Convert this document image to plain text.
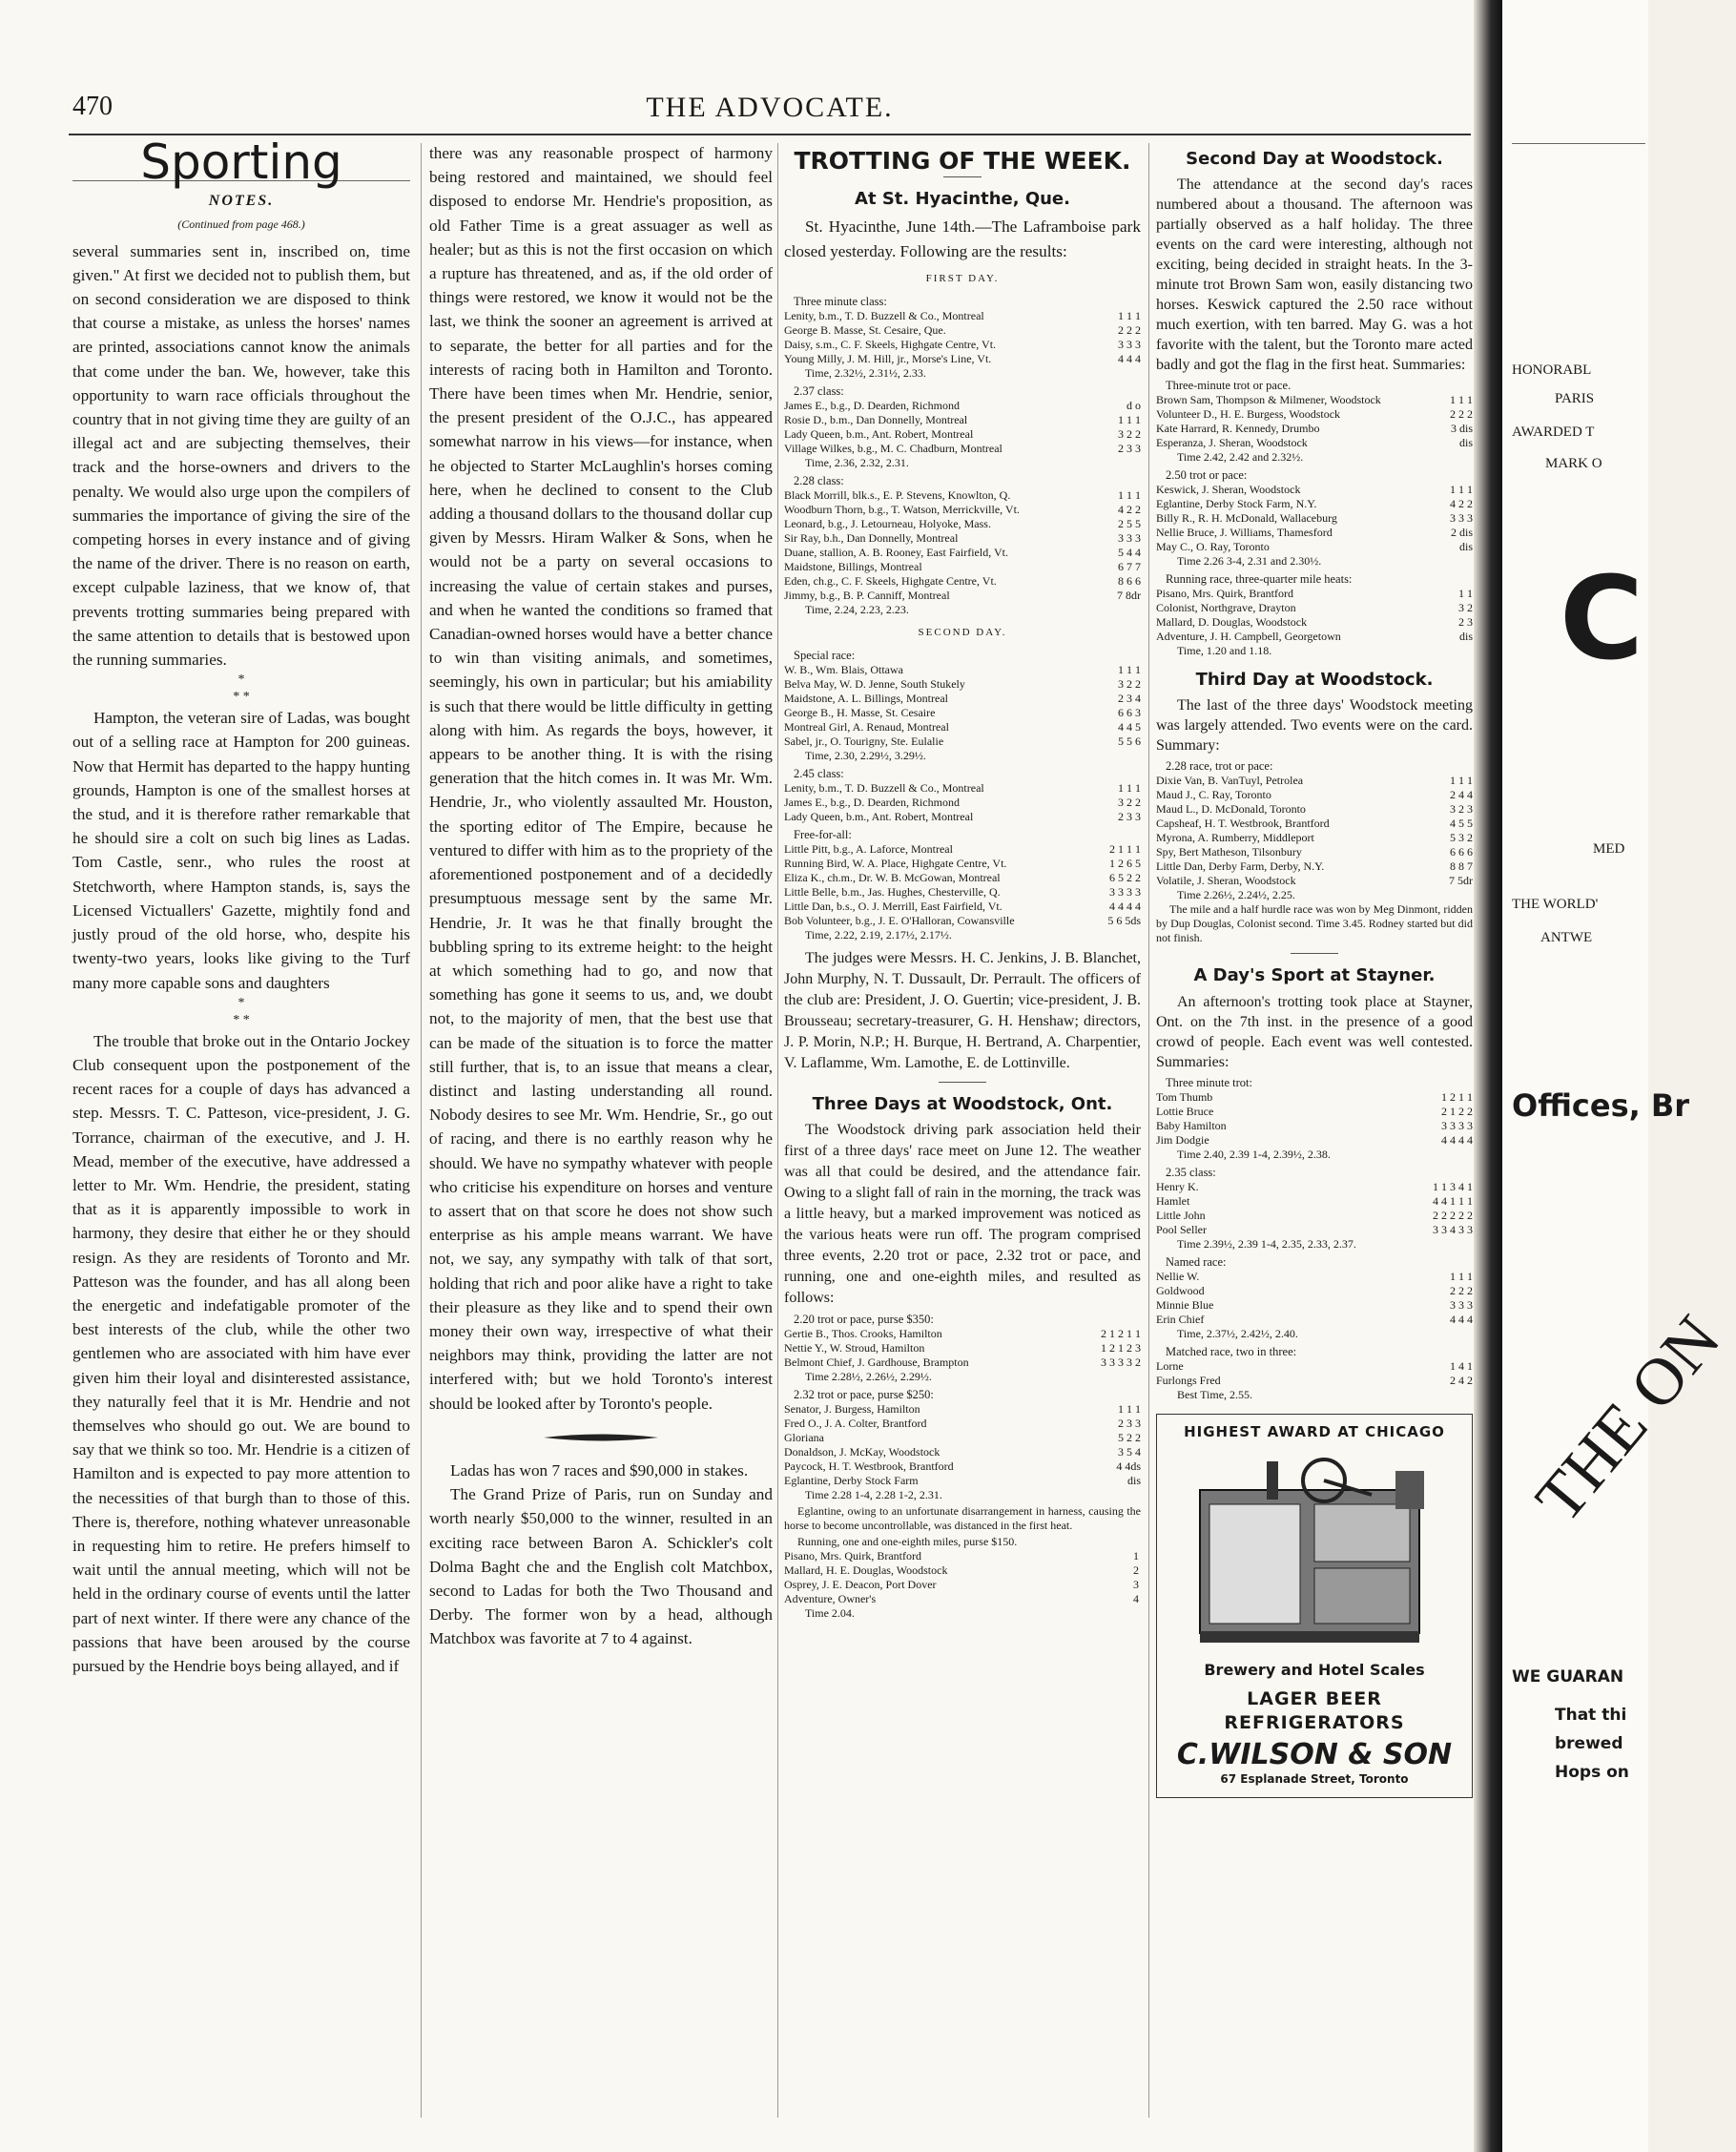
470	THE ADVOCATE.
Sporting
NOTES.
(Continued from page 468.)

several summaries sent in, inscribed on, time given." At first we decided not to publish them, but on second consideration we are disposed to think that course a mistake, as unless the horses' names are printed, associations cannot know the animals that come under the ban. We, however, take this opportunity to warn race officials throughout the country that in not giving time they are guilty of an illegal act and are subjecting themselves, their track and the horse-owners and drivers to the penalty. We would also urge upon the compilers of summaries the importance of giving the sire of the competing horses in every instance and of giving the name of the driver. There is no reason on earth, except culpable laziness, that we know of, that prevents trotting summaries being prepared with the same attention to details that is bestowed upon the running summaries.

*
* *

Hampton, the veteran sire of Ladas, was bought out of a selling race at Hampton for 200 guineas. Now that Hermit has departed to the happy hunting grounds, Hampton is one of the smallest horses at the stud, and it is therefore rather remarkable that he should sire a colt on such big lines as Ladas. Tom Castle, senr., who rules the roost at Stetchworth, where Hampton stands, is, says the Licensed Victuallers' Gazette, mightily fond and justly proud of the old horse, who, despite his twenty-two years, looks like giving to the Turf many more capable sons and daughters

*
* *

The trouble that broke out in the Ontario Jockey Club consequent upon the postponement of the recent races for a couple of days has advanced a step. Messrs. T. C. Patteson, vice-president, J. G. Torrance, chairman of the executive, and J. H. Mead, member of the executive, have addressed a letter to Mr. Wm. Hendrie, the president, stating that as it is apparently impossible to work in harmony, they desire that either he or they should resign. As they are residents of Toronto and Mr. Patteson was the founder, and has all along been the energetic and indefatigable promoter of the best interests of the club, while the other two gentlemen who are associated with him have ever given him their loyal and disinterested assistance, they naturally feel that it is Mr. Hendrie and not themselves who should go out. We are bound to say that we think so too. Mr. Hendrie is a citizen of Hamilton and is expected to pay more attention to the necessities of that burgh than to those of this. There is, therefore, nothing whatever unreasonable in requesting him to retire. He prefers himself to wait until the annual meeting, which will not be held in the ordinary course of events until the latter part of next winter. If there were any chance of the passions that have been aroused by the course pursued by the Hendrie boys being allayed, and if

there was any reasonable prospect of harmony being restored and maintained, we should feel disposed to endorse Mr. Hendrie's proposition, as old Father Time is a great assuager as well as healer; but as this is not the first occasion on which a rupture has threatened, and as, if the old order of things were restored, we know it would not be the last, we think the sooner an agreement is arrived at to separate, the better for all parties and for the interests of racing both in Hamilton and Toronto. There have been times when Mr. Hendrie, senior, the present president of the O.J.C., has appeared somewhat narrow in his views—for instance, when he objected to Starter McLaughlin's horses coming here, when he declined to consent to the Club adding a thousand dollars to the thousand dollar cup given by Messrs. Hiram Walker & Sons, when he would not be a party on several occasions to increasing the value of certain stakes and purses, and when he wanted the conditions so framed that Canadian-owned horses would have a better chance to win than visiting animals, and sometimes, seemingly, his own in particular; but his amiability is such that there would be little difficulty in getting along with him. As regards the boys, however, it appears to be another thing. It is with the rising generation that the hitch comes in. It was Mr. Wm. Hendrie, Jr., who violently assaulted Mr. Houston, the sporting editor of The Empire, because he ventured to differ with him as to the propriety of the aforementioned postponement and of a decidedly presumptuous message sent by the same Mr. Hendrie, Jr. It was he that finally brought the bubbling spring to its extreme height: to the height at which something had to go, and now that something has gone it seems to us, and, we doubt not, to the majority of men, that the best use that can be made of the situation is to force the matter still further, that is, to an issue that means a clear, distinct and lasting understanding all round. Nobody desires to see Mr. Wm. Hendrie, Sr., go out of racing, and there is no earthly reason why he should. We have no sympathy whatever with people who criticise his expenditure on horses and venture to assert that on that score he does not show such enterprise as his ample means warrant. We have not, we say, any sympathy with talk of that sort, holding that rich and poor alike have a right to take their pleasure as they like and to spend their own money their own way, irrespective of what their neighbors may think, providing the latter are not interfered with; but we hold Toronto's interest should be looked after by Toronto's people.

Ladas has won 7 races and $90,000 in stakes.

The Grand Prize of Paris, run on Sunday and worth nearly $50,000 to the winner, resulted in an exciting race between Baron A. Schickler's colt Dolma Baght che and the English colt Matchbox, second to Ladas for both the Two Thousand and Derby. The former won by a head, although Matchbox was favorite at 7 to 4 against.

TROTTING OF THE WEEK.
At St. Hyacinthe, Que.

St. Hyacinthe, June 14th.—The Laframboise park closed yesterday. Following are the results:

FIRST DAY.
Three minute class:
Lenity, b.m., T. D. Buzzell & Co., Montreal	1 1 1
George B. Masse, St. Cesaire, Que.	2 2 2
Daisy, s.m., C. F. Skeels, Highgate Centre, Vt.	3 3 3
Young Milly, J. M. Hill, jr., Morse's Line, Vt.	4 4 4
Time, 2.32½, 2.31½, 2.33.
2.37 class:
James E., b.g., D. Dearden, Richmond	d o
Rosie D., b.m., Dan Donnelly, Montreal	1 1 1
Lady Queen, b.m., Ant. Robert, Montreal	3 2 2
Village Wilkes, b.g., M. C. Chadburn, Montreal	2 3 3
Time, 2.36, 2.32, 2.31.
2.28 class:
Black Morrill, blk.s., E. P. Stevens, Knowlton, Q.	1 1 1
Woodburn Thorn, b.g., T. Watson, Merrickville, Vt.	4 2 2
Leonard, b.g., J. Letourneau, Holyoke, Mass.	2 5 5
Sir Ray, b.h., Dan Donnelly, Montreal	3 3 3
Duane, stallion, A. B. Rooney, East Fairfield, Vt.	5 4 4
Maidstone, Billings, Montreal	6 7 7
Eden, ch.g., C. F. Skeels, Highgate Centre, Vt.	8 6 6
Jimmy, b.g., B. P. Canniff, Montreal	7 8dr
Time, 2.24, 2.23, 2.23.
SECOND DAY.
Special race:
W. B., Wm. Blais, Ottawa	1 1 1
Belva May, W. D. Jenne, South Stukely	3 2 2
Maidstone, A. L. Billings, Montreal	2 3 4
George B., H. Masse, St. Cesaire	6 6 3
Montreal Girl, A. Renaud, Montreal	4 4 5
Sabel, jr., O. Tourigny, Ste. Eulalie	5 5 6
Time, 2.30, 2.29½, 3.29½.
2.45 class:
Lenity, b.m., T. D. Buzzell & Co., Montreal	1 1 1
James E., b.g., D. Dearden, Richmond	3 2 2
Lady Queen, b.m., Ant. Robert, Montreal	2 3 3
Free-for-all:
Little Pitt, b.g., A. Laforce, Montreal	2 1 1 1
Running Bird, W. A. Place, Highgate Centre, Vt.	1 2 6 5
Eliza K., ch.m., Dr. W. B. McGowan, Montreal	6 5 2 2
Little Belle, b.m., Jas. Hughes, Chesterville, Q.	3 3 3 3
Little Dan, b.s., O. J. Merrill, East Fairfield, Vt.	4 4 4 4
Bob Volunteer, b.g., J. E. O'Halloran, Cowansville	5 6 5ds
Time, 2.22, 2.19, 2.17½, 2.17½.

The judges were Messrs. H. C. Jenkins, J. B. Blanchet, John Murphy, N. T. Dussault, Dr. Perrault. The officers of the club are: President, J. O. Guertin; vice-president, J. B. Brousseau; secretary-treasurer, G. H. Henshaw; directors, J. P. Morin, N.P.; H. Burque, H. Bertrand, A. Charpentier, V. Laflamme, Wm. Lamothe, E. de Lottinville.

Three Days at Woodstock, Ont.

The Woodstock driving park association held their first of a three days' race meet on June 12. The weather was all that could be desired, and the attendance fair. Owing to a slight fall of rain in the morning, the track was a little heavy, but a marked improvement was noticed as the various heats were run off. The program comprised three events, 2.20 trot or pace, 2.32 trot or pace, and running, one and one-eighth miles, and resulted as follows:

2.20 trot or pace, purse $350:
Gertie B., Thos. Crooks, Hamilton	2 1 2 1 1
Nettie Y., W. Stroud, Hamilton	1 2 1 2 3
Belmont Chief, J. Gardhouse, Brampton	3 3 3 3 2
Time 2.28½, 2.26½, 2.29½.
2.32 trot or pace, purse $250:
Senator, J. Burgess, Hamilton	1 1 1
Fred O., J. A. Colter, Brantford	2 3 3
Gloriana	5 2 2
Donaldson, J. McKay, Woodstock	3 5 4
Paycock, H. T. Westbrook, Brantford	4 4ds
Eglantine, Derby Stock Farm	dis
Time 2.28 1-4, 2.28 1-2, 2.31.
Eglantine, owing to an unfortunate disarrangement in harness, causing the horse to become uncontrollable, was distanced in the first heat.
Running, one and one-eighth miles, purse $150.
Pisano, Mrs. Quirk, Brantford	1
Mallard, H. E. Douglas, Woodstock	2
Osprey, J. E. Deacon, Port Dover	3
Adventure, Owner's	4
Time 2.04.
Second Day at Woodstock.

The attendance at the second day's races numbered about a thousand. The afternoon was partially observed as a half holiday. The three events on the card were interesting, although not exciting, being decided in straight heats. In the 3-minute trot Brown Sam won, easily distancing two horses. Keswick captured the 2.50 race without much exertion, with ten barred. May G. was a hot favorite with the talent, but the Toronto mare acted badly and got the flag in the first heat. Summaries:

Three-minute trot or pace.
Brown Sam, Thompson & Milmener, Woodstock	1 1 1
Volunteer D., H. E. Burgess, Woodstock	2 2 2
Kate Harrard, R. Kennedy, Drumbo	3 dis
Esperanza, J. Sheran, Woodstock	dis
Time 2.42, 2.42 and 2.32½.
2.50 trot or pace:
Keswick, J. Sheran, Woodstock	1 1 1
Eglantine, Derby Stock Farm, N.Y.	4 2 2
Billy R., R. H. McDonald, Wallaceburg	3 3 3
Nellie Bruce, J. Williams, Thamesford	2 dis
May C., O. Ray, Toronto	dis
Time 2.26 3-4, 2.31 and 2.30½.
Running race, three-quarter mile heats:
Pisano, Mrs. Quirk, Brantford	1 1
Colonist, Northgrave, Drayton	3 2
Mallard, D. Douglas, Woodstock	2 3
Adventure, J. H. Campbell, Georgetown	dis
Time, 1.20 and 1.18.
Third Day at Woodstock.

The last of the three days' Woodstock meeting was largely attended. Two events were on the card. Summary:

2.28 race, trot or pace:
Dixie Van, B. VanTuyl, Petrolea	1 1 1
Maud J., C. Ray, Toronto	2 4 4
Maud L., D. McDonald, Toronto	3 2 3
Capsheaf, H. T. Westbrook, Brantford	4 5 5
Myrona, A. Rumberry, Middleport	5 3 2
Spy, Bert Matheson, Tilsonbury	6 6 6
Little Dan, Derby Farm, Derby, N.Y.	8 8 7
Volatile, J. Sheran, Woodstock	7 5dr
Time 2.26½, 2.24½, 2.25.
The mile and a half hurdle race was won by Meg Dinmont, ridden by Dup Douglas, Colonist second. Time 3.45. Rodney started but did not finish.
A Day's Sport at Stayner.

An afternoon's trotting took place at Stayner, Ont. on the 7th inst. in the presence of a good crowd of people. Each event was well contested. Summaries:

Three minute trot:
Tom Thumb	1 2 1 1
Lottie Bruce	2 1 2 2
Baby Hamilton	3 3 3 3
Jim Dodgie	4 4 4 4
Time 2.40, 2.39 1-4, 2.39½, 2.38.
2.35 class:
Henry K.	1 1 3 4 1
Hamlet	4 4 1 1 1
Little John	2 2 2 2 2
Pool Seller	3 3 4 3 3
Time 2.39½, 2.39 1-4, 2.35, 2.33, 2.37.
Named race:
Nellie W.	1 1 1
Goldwood	2 2 2
Minnie Blue	3 3 3
Erin Chief	4 4 4
Time, 2.37½, 2.42½, 2.40.
Matched race, two in three:
Lorne	1 4 1
Furlongs Fred	2 4 2
Best Time, 2.55.
HIGHEST AWARD AT CHICAGO
Brewery and Hotel Scales
LAGER BEER REFRIGERATORS
C.WILSON & SON
67 Esplanade Street, Toronto
HONORABL
PARIS
AWARDED T
MARK O
C
MED
THE WORLD'
ANTWE
Offices, Br
THE ON
WE GUARAN
That thi
brewed
Hops on
